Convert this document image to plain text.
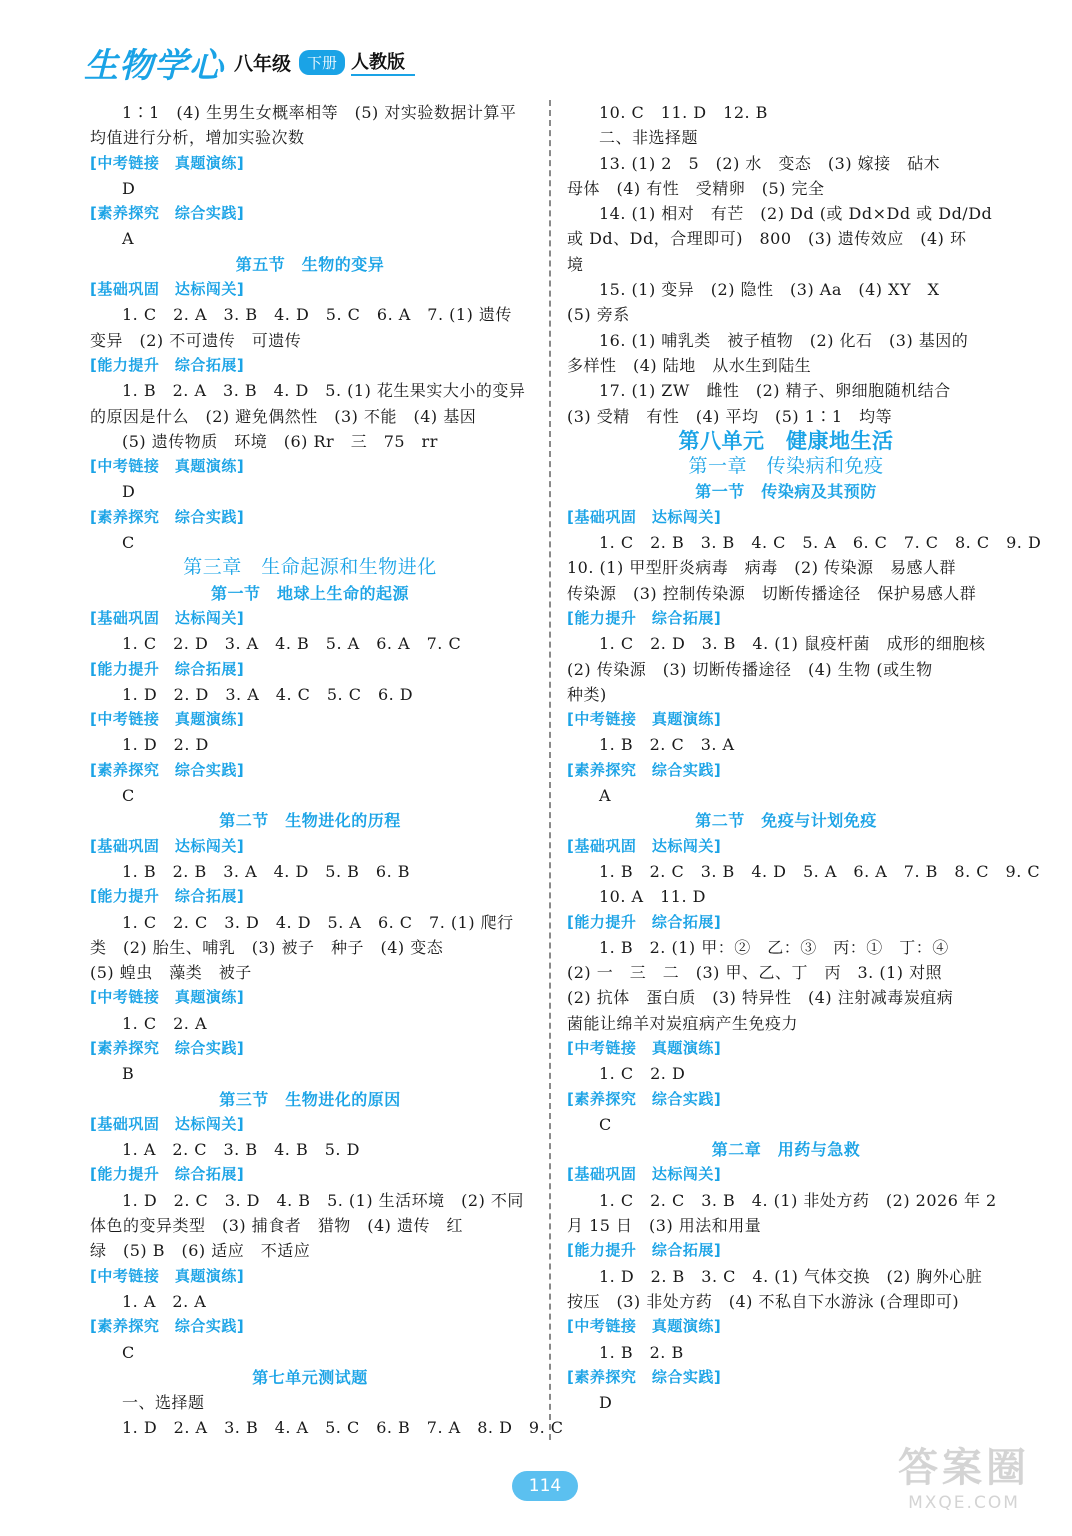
生物学心 八年级	下册 人教版
1∶1　(4) 生男生女概率相等　(5) 对实验数据计算平
均值进行分析，增加实验次数
[中考链接　真题演练]
D
[素养探究　综合实践]
A
第五节　生物的变异
[基础巩固　达标闯关]
1. C　2. A　3. B　4. D　5. C　6. A　7. (1) 遗传
变异　(2) 不可遗传　可遗传
[能力提升　综合拓展]
1. B　2. A　3. B　4. D　5. (1) 花生果实大小的变异
的原因是什么　(2) 避免偶然性　(3) 不能　(4) 基因
(5) 遗传物质　环境　(6) Rr　三　75　rr
[中考链接　真题演练]
D
[素养探究　综合实践]
C
第三章　生命起源和生物进化
第一节　地球上生命的起源
[基础巩固　达标闯关]
1. C　2. D　3. A　4. B　5. A　6. A　7. C
[能力提升　综合拓展]
1. D　2. D　3. A　4. C　5. C　6. D
[中考链接　真题演练]
1. D　2. D
[素养探究　综合实践]
C
第二节　生物进化的历程
[基础巩固　达标闯关]
1. B　2. B　3. A　4. D　5. B　6. B
[能力提升　综合拓展]
1. C　2. C　3. D　4. D　5. A　6. C　7. (1) 爬行
类　(2) 胎生、哺乳　(3) 被子　种子　(4) 变态
(5) 蝗虫　藻类　被子
[中考链接　真题演练]
1. C　2. A
[素养探究　综合实践]
B
第三节　生物进化的原因
[基础巩固　达标闯关]
1. A　2. C　3. B　4. B　5. D
[能力提升　综合拓展]
1. D　2. C　3. D　4. B　5. (1) 生活环境　(2) 不同
体色的变异类型　(3) 捕食者　猎物　(4) 遗传　红
绿　(5) B　(6) 适应　不适应
[中考链接　真题演练]
1. A　2. A
[素养探究　综合实践]
C
第七单元测试题
一、选择题
1. D　2. A　3. B　4. A　5. C　6. B　7. A　8. D　9. C
10. C　11. D　12. B
二、非选择题
13. (1) 2　5　(2) 水　变态　(3) 嫁接　砧木
母体　(4) 有性　受精卵　(5) 完全
14. (1) 相对　有芒　(2) Dd (或 Dd×Dd 或 Dd/Dd
或 Dd、Dd，合理即可)　800　(3) 遗传效应　(4) 环
境
15. (1) 变异　(2) 隐性　(3) Aa　(4) XY　X
(5) 旁系
16. (1) 哺乳类　被子植物　(2) 化石　(3) 基因的
多样性　(4) 陆地　从水生到陆生
17. (1) ZW　雌性　(2) 精子、卵细胞随机结合
(3) 受精　有性　(4) 平均　(5) 1∶1　均等
第八单元　健康地生活
第一章　传染病和免疫
第一节　传染病及其预防
[基础巩固　达标闯关]
1. C　2. B　3. B　4. C　5. A　6. C　7. C　8. C　9. D
10. (1) 甲型肝炎病毒　病毒　(2) 传染源　易感人群
传染源　(3) 控制传染源　切断传播途径　保护易感人群
[能力提升　综合拓展]
1. C　2. D　3. B　4. (1) 鼠疫杆菌　成形的细胞核
(2) 传染源　(3) 切断传播途径　(4) 生物 (或生物
种类)
[中考链接　真题演练]
1. B　2. C　3. A
[素养探究　综合实践]
A
第二节　免疫与计划免疫
[基础巩固　达标闯关]
1. B　2. C　3. B　4. D　5. A　6. A　7. B　8. C　9. C
10. A　11. D
[能力提升　综合拓展]
1. B　2. (1) 甲：②　乙：③　丙：①　丁：④
(2) 一　三　二　(3) 甲、乙、丁　丙　3. (1) 对照
(2) 抗体　蛋白质　(3) 特异性　(4) 注射减毒炭疽病
菌能让绵羊对炭疽病产生免疫力
[中考链接　真题演练]
1. C　2. D
[素养探究　综合实践]
C
第二章　用药与急救
[基础巩固　达标闯关]
1. C　2. C　3. B　4. (1) 非处方药　(2) 2026 年 2
月 15 日　(3) 用法和用量
[能力提升　综合拓展]
1. D　2. B　3. C　4. (1) 气体交换　(2) 胸外心脏
按压　(3) 非处方药　(4) 不私自下水游泳 (合理即可)
[中考链接　真题演练]
1. B　2. B
[素养探究　综合实践]
D
114	答案圈
MXQE.COM
